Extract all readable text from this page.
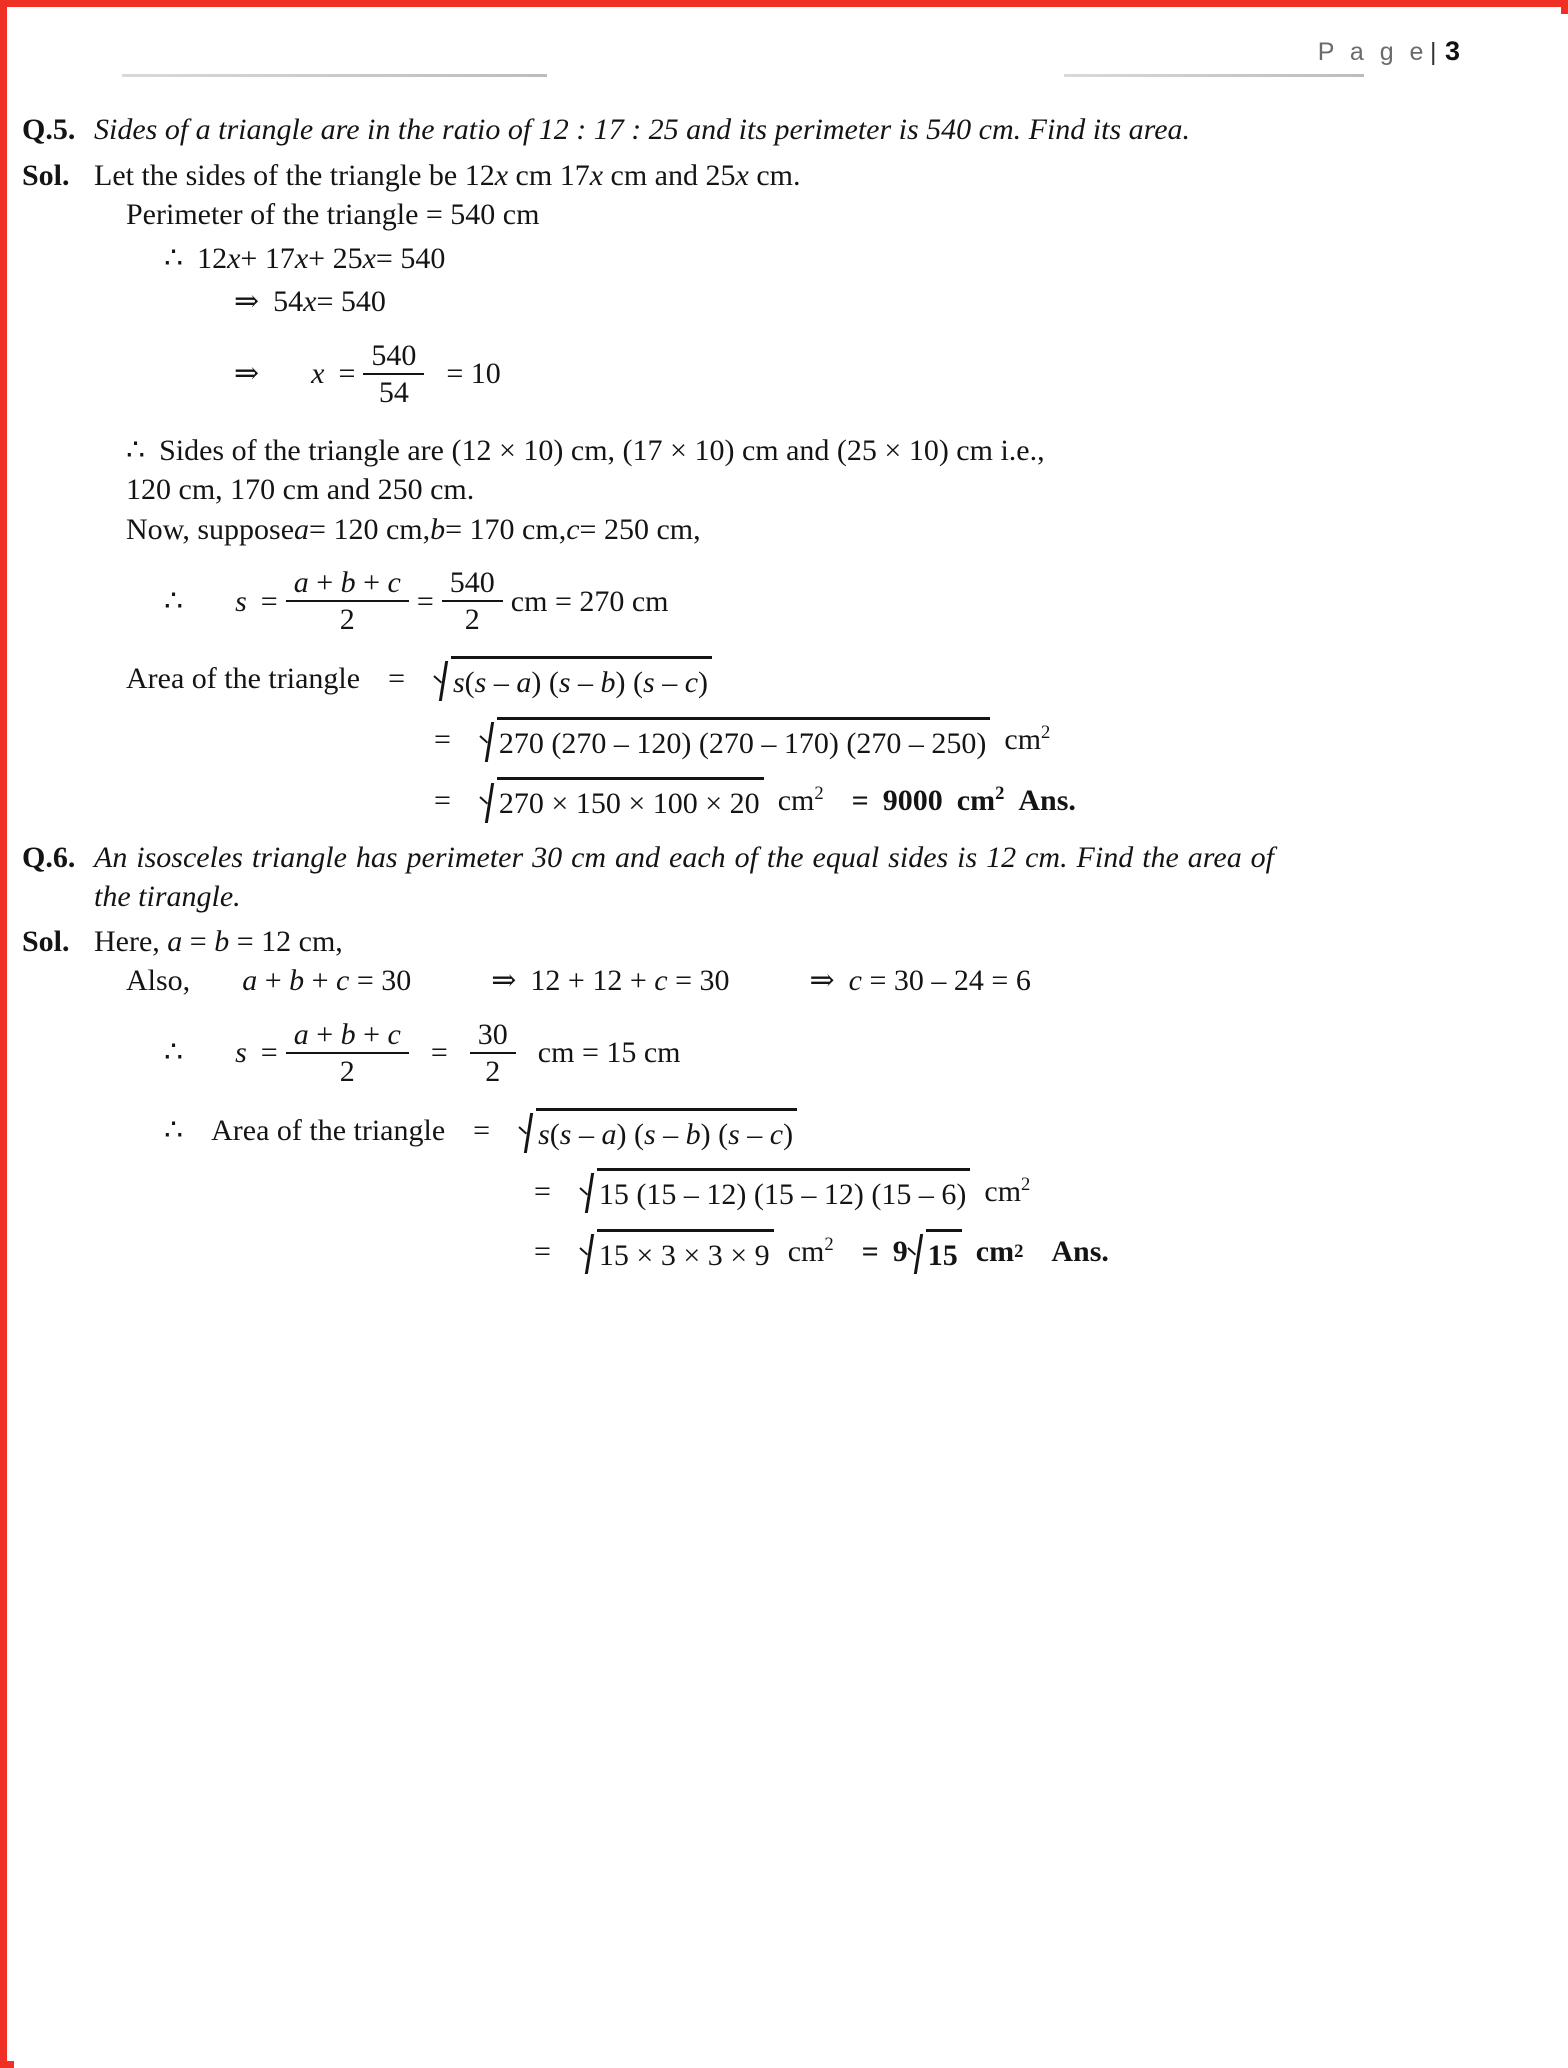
P a g e| 3
Q.5. Sides of a triangle are in the ratio of 12 : 17 : 25 and its perimeter is 540 cm. Find its area.
Sol. Let the sides of the triangle be 12x cm 17x cm and 25x cm.
Perimeter of the triangle = 540 cm
∴ 12 x + 17 x + 25 x = 540
⇒ 54 x = 540
⇒ $x = \frac{540}{54} = 10$
∴ Sides of the triangle are (12 × 10) cm, (17 × 10) cm and (25 × 10) cm i.e.,
120 cm, 170 cm and 250 cm.
Now, suppose a = 120 cm, b = 170 cm, c = 250 cm,
∴ $s = \frac{a + b + c}{2} = \frac{540}{2}$ cm = 270 cm
Area of the triangle = s(s – a) (s – b) (s – c)
= 270 (270 – 120) (270 – 170) (270 – 250) $cm^2$
= 270 × 150 × 100 × 20 $cm^2 = 9000$ $cm^2$ Ans.
Q.6. An isosceles triangle has perimeter 30 cm and each of the equal sides is 12 cm. Find the area of the tirangle.
Sol. Here, a = b = 12 cm,
Also, a + b + c = 30	⇒ 12 + 12 + c = 30	⇒ c = 30 – 24 = 6
∴ $s = \frac{a + b + c}{2} = \frac{30}{2}$ cm = 15 cm
∴ Area of the triangle = s(s – a) (s – b) (s – c)
= 15 (15 – 12) (15 – 12) (15 – 6) $cm^2$
= 15 × 3 × 3 × 9 $cm^2 = 9$ 15 cm 2 Ans.
